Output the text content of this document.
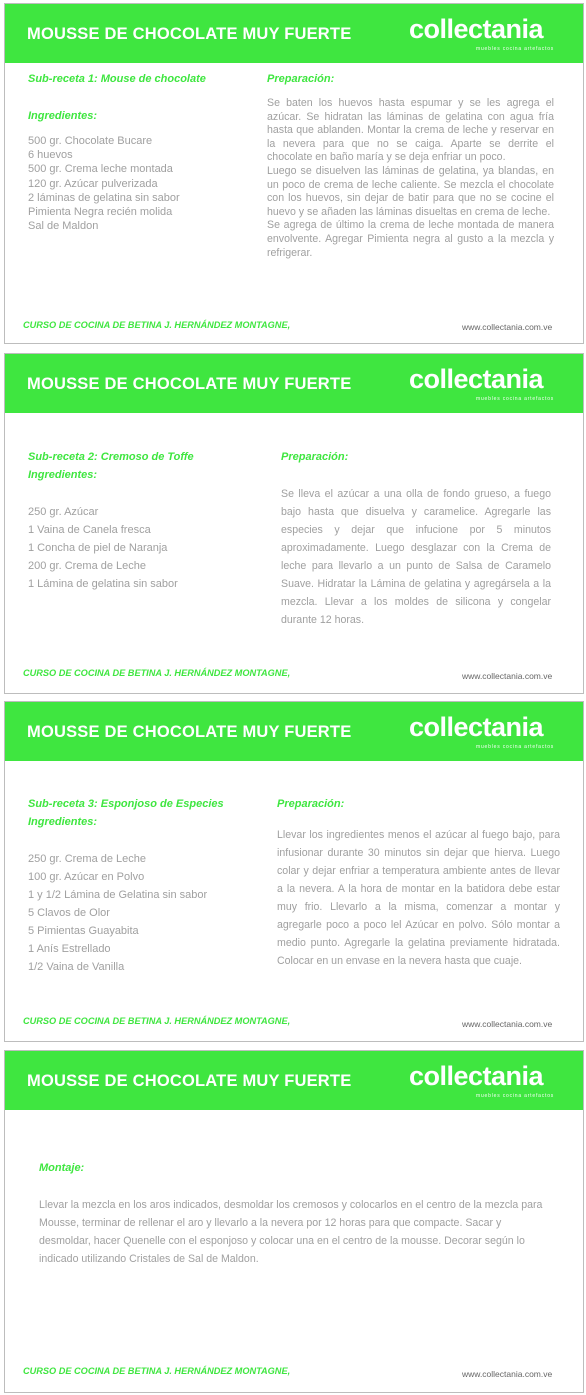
MOUSSE DE CHOCOLATE MUY FUERTE collectania
muebles cocina artefactos
Sub-receta 1: Mouse de chocolate
Ingredientes:
500 gr. Chocolate Bucare
6 huevos
500 gr. Crema leche montada
120 gr. Azúcar pulverizada
2 láminas de gelatina sin sabor
Pimienta Negra recién molida
Sal de Maldon
Preparación:

Se baten los huevos hasta espumar y se les agrega el azúcar. Se hidratan las láminas de gelatina con agua fría hasta que ablanden. Montar la crema de leche y reservar en la nevera para que no se caiga. Aparte se derrite el chocolate en baño maría y se deja enfriar un poco.

Luego se disuelven las láminas de gelatina, ya blandas, en un poco de crema de leche caliente. Se mezcla el chocolate con los huevos, sin dejar de batir para que no se cocine el huevo y se añaden las láminas disueltas en crema de leche.

Se agrega de último la crema de leche montada de manera envolvente. Agregar Pimienta negra al gusto a la mezcla y refrigerar.

CURSO DE COCINA DE BETINA J. HERNÁNDEZ MONTAGNE,	www.collectania.com.ve
MOUSSE DE CHOCOLATE MUY FUERTE collectania
muebles cocina artefactos
Sub-receta 2: Cremoso de Toffe
Ingredientes:
250 gr. Azúcar
1 Vaina de Canela fresca
1 Concha de piel de Naranja
200 gr. Crema de Leche
1 Lámina de gelatina sin sabor
Preparación:

Se lleva el azúcar a una olla de fondo grueso, a fuego bajo hasta que disuelva y caramelice. Agregarle las especies y dejar que infucione por 5 minutos aproximadamente. Luego desglazar con la Crema de leche para llevarlo a un punto de Salsa de Caramelo Suave. Hidratar la Lámina de gelatina y agregársela a la mezcla. Llevar a los moldes de silicona y congelar durante 12 horas.

CURSO DE COCINA DE BETINA J. HERNÁNDEZ MONTAGNE,	www.collectania.com.ve
MOUSSE DE CHOCOLATE MUY FUERTE collectania
muebles cocina artefactos
Sub-receta 3: Esponjoso de Especies
Ingredientes:
250 gr. Crema de Leche
100 gr. Azúcar en Polvo
1 y 1/2 Lámina de Gelatina sin sabor
5 Clavos de Olor
5 Pimientas Guayabita
1 Anís Estrellado
1/2 Vaina de Vanilla
Preparación:

Llevar los ingredientes menos el azúcar al fuego bajo, para infusionar durante 30 minutos sin dejar que hierva. Luego colar y dejar enfriar a temperatura ambiente antes de llevar a la nevera. A la hora de montar en la batidora debe estar muy frio. Llevarlo a la misma, comenzar a montar y agregarle poco a poco lel Azúcar en polvo. Sólo montar a medio punto. Agregarle la gelatina previamente hidratada. Colocar en un envase en la nevera hasta que cuaje.

CURSO DE COCINA DE BETINA J. HERNÁNDEZ MONTAGNE,	www.collectania.com.ve
MOUSSE DE CHOCOLATE MUY FUERTE collectania
muebles cocina artefactos
Montaje:

Llevar la mezcla en los aros indicados, desmoldar los cremosos y colocarlos en el centro de la mezcla para Mousse, terminar de rellenar el aro y llevarlo a la nevera por 12 horas para que compacte. Sacar y desmoldar, hacer Quenelle con el esponjoso y colocar una en el centro de la mousse. Decorar según lo indicado utilizando Cristales de Sal de Maldon.

CURSO DE COCINA DE BETINA J. HERNÁNDEZ MONTAGNE,	www.collectania.com.ve
